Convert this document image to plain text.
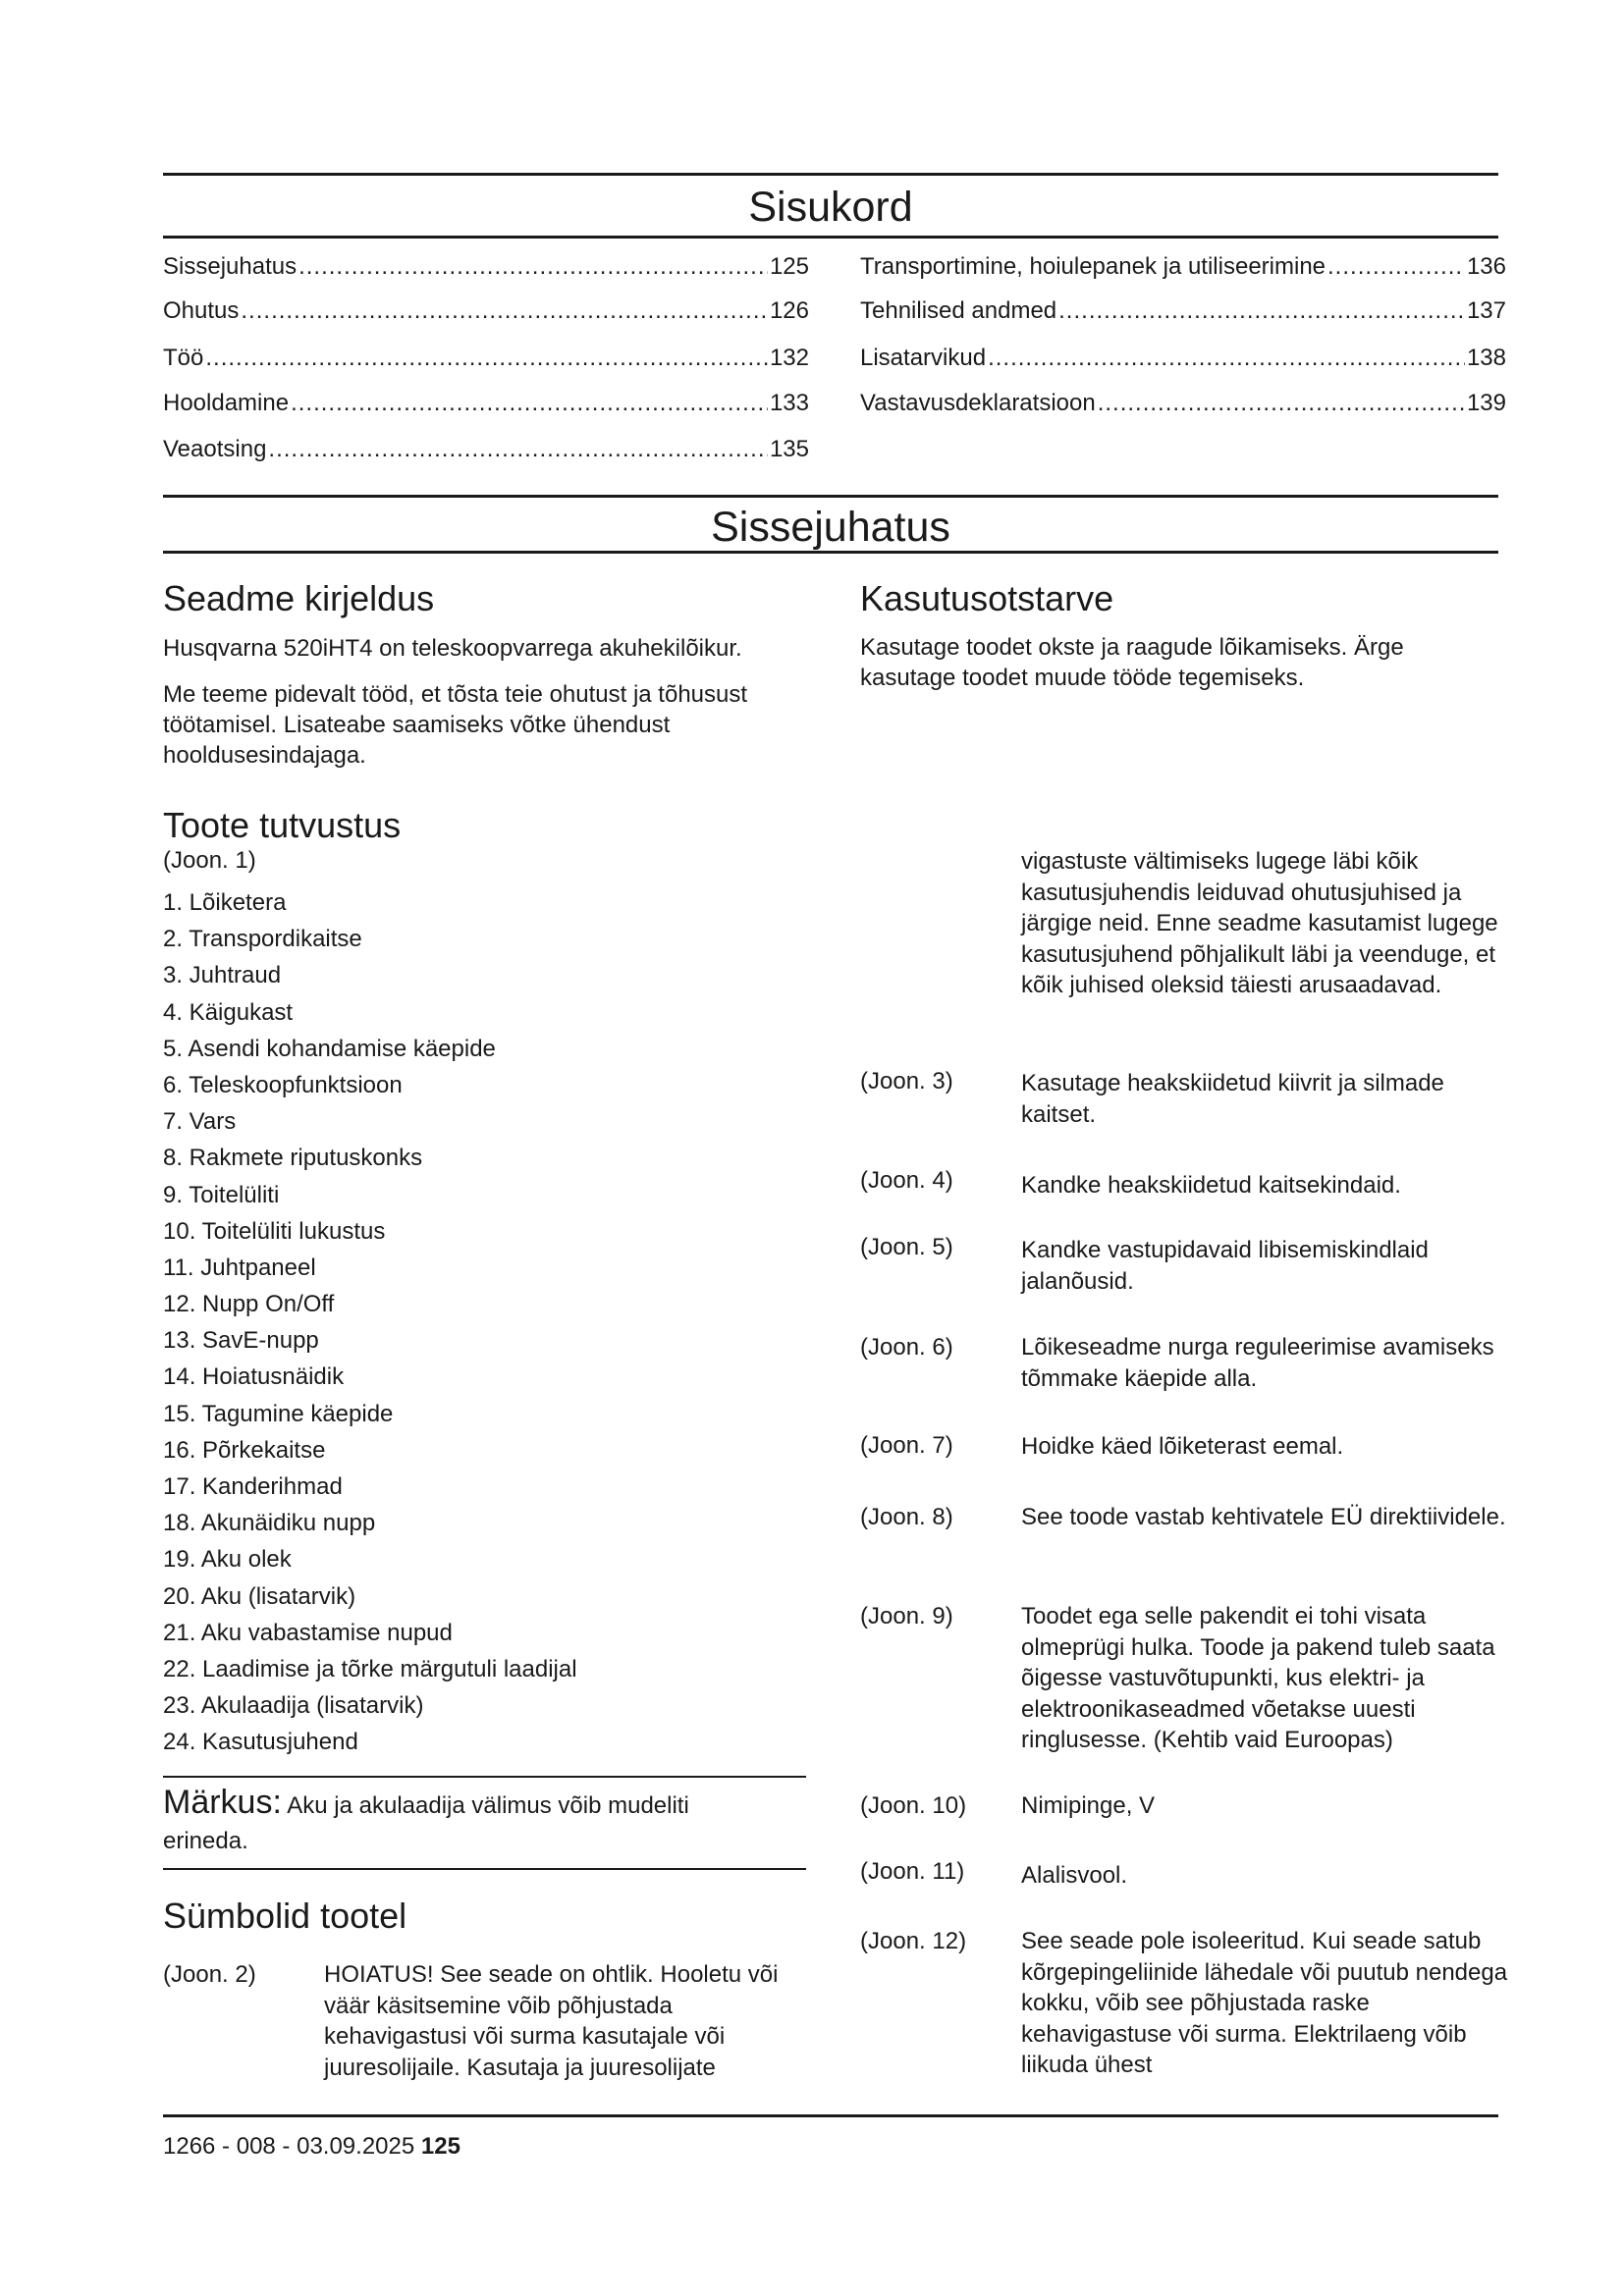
Sisukord
Sissejuhatus .....	125
Ohutus .....	126
Töö .....	132
Hooldamine .....	133
Veaotsing .....	135
Transportimine, hoiulepanek ja utiliseerimine .....	136
Tehnilised andmed .....	137
Lisatarvikud .....	138
Vastavusdeklaratsioon .....	139
Sissejuhatus
Seadme kirjeldus
Husqvarna 520iHT4 on teleskoopvarrega akuhekilõikur.
Me teeme pidevalt tööd, et tõsta teie ohutust ja tõhusust töötamisel. Lisateabe saamiseks võtke ühendust hooldusesindajaga.
Toote tutvustus
(Joon. 1)
1. Lõiketera
2. Transpordikaitse
3. Juhtraud
4. Käigukast
5. Asendi kohandamise käepide
6. Teleskoopfunktsioon
7. Vars
8. Rakmete riputuskonks
9. Toitelüliti
10. Toitelüliti lukustus
11. Juhtpaneel
12. Nupp On/Off
13. SavE-nupp
14. Hoiatusnäidik
15. Tagumine käepide
16. Põrkekaitse
17. Kanderihmad
18. Akunäidiku nupp
19. Aku olek
20. Aku (lisatarvik)
21. Aku vabastamise nupud
22. Laadimise ja tõrke märgutuli laadijal
23. Akulaadija (lisatarvik)
24. Kasutusjuhend
Märkus: Aku ja akulaadija välimus võib mudeliti erineda.
Sümbolid tootel
(Joon. 2)	HOIATUS! See seade on ohtlik. Hooletu või väär käsitsemine võib põhjustada kehavigastusi või surma kasutajale või juuresolijaile. Kasutaja ja juuresolijate
Kasutusotstarve
Kasutage toodet okste ja raagude lõikamiseks. Ärge kasutage toodet muude tööde tegemiseks.
vigastuste vältimiseks lugege läbi kõik kasutusjuhendis leiduvad ohutusjuhised ja järgige neid. Enne seadme kasutamist lugege kasutusjuhend põhjalikult läbi ja veenduge, et kõik juhised oleksid täiesti arusaadavad.
(Joon. 3)	Kasutage heakskiidetud kiivrit ja silmade kaitset.
(Joon. 4)	Kandke heakskiidetud kaitsekindaid.
(Joon. 5)	Kandke vastupidavaid libisemiskindlaid jalanõusid.
(Joon. 6)	Lõikeseadme nurga reguleerimise avamiseks tõmmake käepide alla.
(Joon. 7)	Hoidke käed lõiketerast eemal.
(Joon. 8)	See toode vastab kehtivatele EÜ direktiividele.
(Joon. 9)	Toodet ega selle pakendit ei tohi visata olmeprügi hulka. Toode ja pakend tuleb saata õigesse vastuvõtupunkti, kus elektri- ja elektroonikaseadmed võetakse uuesti ringlusesse. (Kehtib vaid Euroopas)
(Joon. 10) Nimipinge, V
(Joon. 11) Alalisvool.
(Joon. 12) See seade pole isoleeritud. Kui seade satub kõrgepingeliinide lähedale või puutub nendega kokku, võib see põhjustada raske kehavigastuse või surma. Elektrilaeng võib liikuda ühest
1266 - 008 - 03.09.2025 125
